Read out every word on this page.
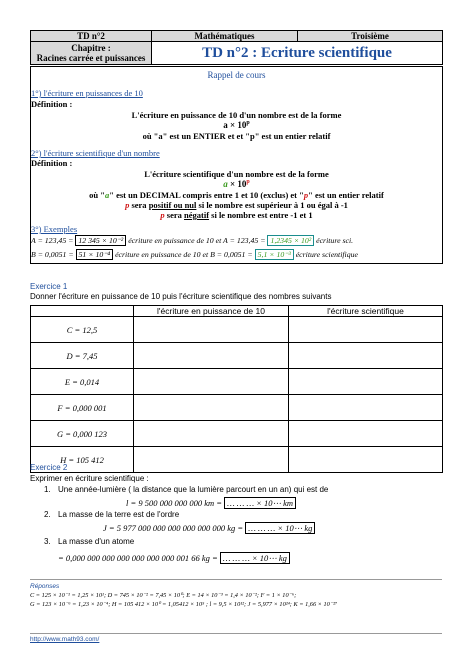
TD n°2	Mathématiques	Troisième

Chapitre :
Racines carrée et puissances	TD n°2 : Ecriture scientifique	
Rappel de cours
1°) l'écriture en puissances de 10
Définition :
L'écriture en puissance de 10 d'un nombre est de la forme
$a \times 10^p$
où "a" est un ENTIER et et "p" est un entier relatif
2°) l'écriture scientifique d'un nombre
Définition :
L'écriture scientifique d'un nombre est de la forme
$a \times 10^p$
où "a" est un DECIMAL compris entre 1 et 10 (exclus) et "p" est un entier relatif
p sera positif ou nul si le nombre est supérieur à 1 ou égal à -1
p sera négatif si le nombre est entre -1 et 1
3°) Exemples
A = 123,45 = 12 345 × 10⁻² écriture en puissance de 10 et A = 123,45 = 1,2345 × 10² écriture sci.
B = 0,0051 = 51 × 10⁻⁴ écriture en puissance de 10 et B = 0,0051 = 5,1 × 10⁻³ écriture scientifique
Exercice 1
Donner l'écriture en puissance de 10 puis l'écriture scientifique des nombres suivants
	l'écriture en puissance de 10	l'écriture scientifique
C = 12,5		
D = 7,45		
E = 0,014		
F = 0,000 001		
G = 0,000 123		
H = 105 412		
Exercice 2
Exprimer en écriture scientifique :
1. Une année-lumière ( la distance que la lumière parcourt en un an) qui est de
l = 9 500 000 000 000 km = … … … × 10⋯ km
2. La masse de la terre est de l'ordre
J = 5 977 000 000 000 000 000 000 kg = … … … × 10⋯ kg
3. La masse d'un atome
= 0,000 000 000 000 000 000 000 001 66 kg = … … … × 10⋯ kg
Réponses
C = 125 × 10⁻¹ = 1,25 × 10¹; D = 745 × 10⁻² = 7,45 × 10⁰; E = 14 × 10⁻³ = 1,4 × 10⁻²; F = 1 × 10⁻⁶;
G = 123 × 10⁻⁶ = 1,23 × 10⁻⁴; H = 105 412 × 10⁰ = 1,05412 × 10⁵ ; l = 9,5 × 10¹²; J = 5,977 × 10²⁴; K = 1,66 × 10⁻²⁷
http://www.math93.com/
